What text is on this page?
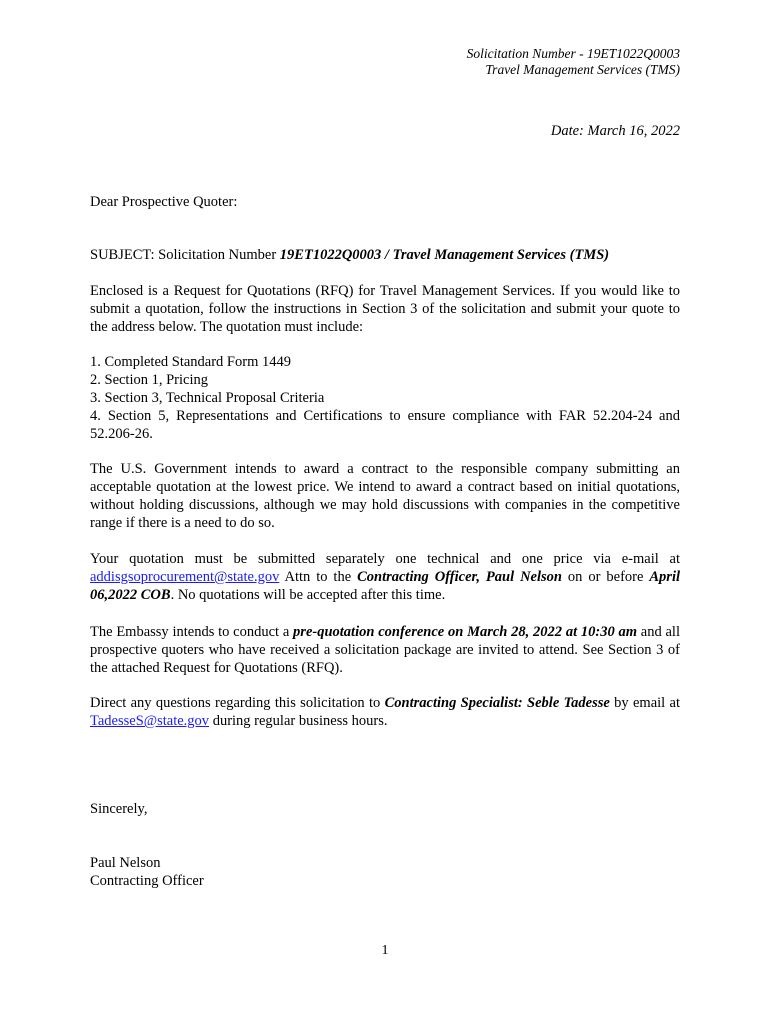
Solicitation Number - 19ET1022Q0003
Travel Management Services (TMS)
Date: March 16, 2022

Dear Prospective Quoter:

SUBJECT: Solicitation Number 19ET1022Q0003 / Travel Management Services (TMS)

Enclosed is a Request for Quotations (RFQ) for Travel Management Services. If you would like to submit a quotation, follow the instructions in Section 3 of the solicitation and submit your quote to the address below. The quotation must include:

1. Completed Standard Form 1449
2. Section 1, Pricing
3. Section 3, Technical Proposal Criteria
4. Section 5, Representations and Certifications to ensure compliance with FAR 52.204-24 and 52.206-26.

The U.S. Government intends to award a contract to the responsible company submitting an acceptable quotation at the lowest price. We intend to award a contract based on initial quotations, without holding discussions, although we may hold discussions with companies in the competitive range if there is a need to do so.

Your quotation must be submitted separately one technical and one price via e-mail at addisgsoprocurement@state.gov Attn to the Contracting Officer, Paul Nelson on or before April 06,2022 COB. No quotations will be accepted after this time.

The Embassy intends to conduct a pre-quotation conference on March 28, 2022 at 10:30 am and all prospective quoters who have received a solicitation package are invited to attend. See Section 3 of the attached Request for Quotations (RFQ).

Direct any questions regarding this solicitation to Contracting Specialist: Seble Tadesse by email at TadesseS@state.gov during regular business hours.

Sincerely,

Paul Nelson
Contracting Officer
1
